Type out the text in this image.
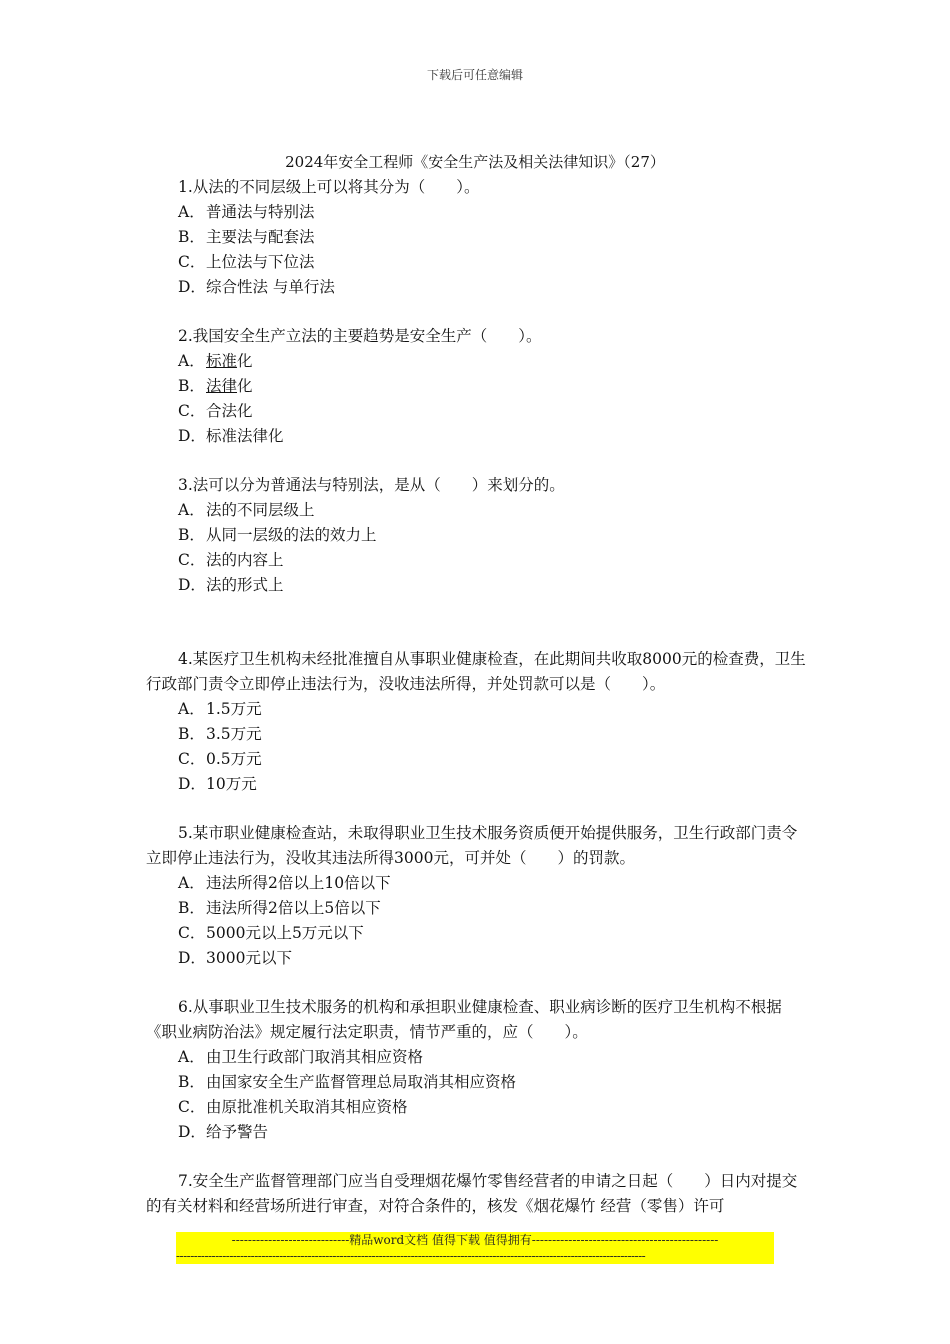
下载后可任意编辑
2024年安全工程师《安全生产法及相关法律知识》（27）

1.从法的不同层级上可以将其分为（　　）。

A．普通法与特别法

B．主要法与配套法

C．上位法与下位法

D．综合性法 与单行法

2.我国安全生产立法的主要趋势是安全生产（　　）。

A．标准化

B．法律化

C．合法化

D．标准法律化

3.法可以分为普通法与特别法，是从（　　）来划分的。

A．法的不同层级上

B．从同一层级的法的效力上

C．法的内容上

D．法的形式上

4.某医疗卫生机构未经批准擅自从事职业健康检查，在此期间共收取8000元的检查费，卫生行政部门责令立即停止违法行为，没收违法所得，并处罚款可以是（　　）。

A．1.5万元

B．3.5万元

C．0.5万元

D．10万元

5.某市职业健康检查站，未取得职业卫生技术服务资质便开始提供服务，卫生行政部门责令立即停止违法行为，没收其违法所得3000元，可并处（　　）的罚款。

A．违法所得2倍以上10倍以下

B．违法所得2倍以上5倍以下

C．5000元以上5万元以下

D．3000元以下

6.从事职业卫生技术服务的机构和承担职业健康检查、职业病诊断的医疗卫生机构不根据《职业病防治法》规定履行法定职责，情节严重的，应（　　）。

A．由卫生行政部门取消其相应资格

B．由国家安全生产监督管理总局取消其相应资格

C．由原批准机关取消其相应资格

D．给予警告

7.安全生产监督管理部门应当自受理烟花爆竹零售经营者的申请之日起（　　）日内对提交的有关材料和经营场所进行审查，对符合条件的，核发《烟花爆竹 经营（零售）许可

-----------------------------精品word文档 值得下载 值得拥有----------------------------------------------
------------------------------------------------------------------------------------------------------------------------------------
